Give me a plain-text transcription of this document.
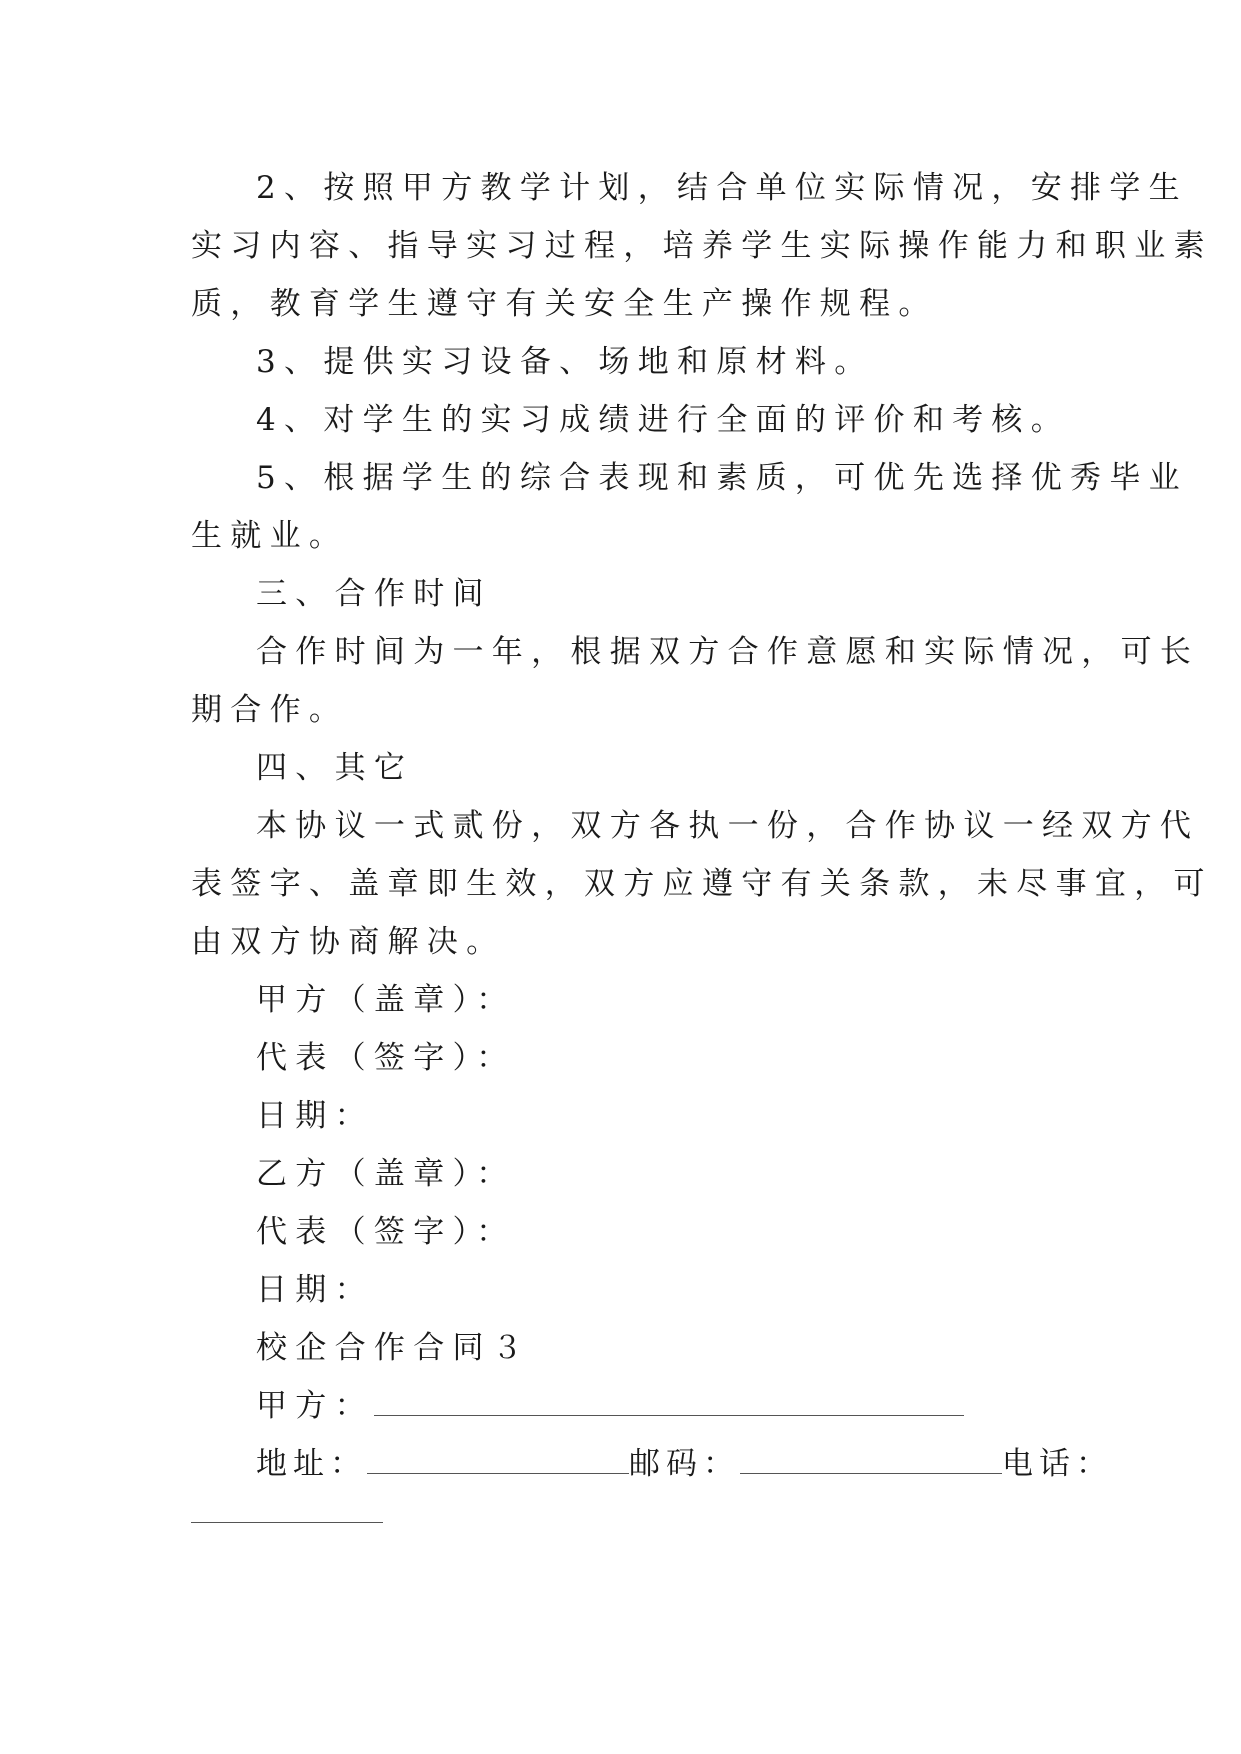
2、按照甲方教学计划，结合单位实际情况，安排学生
实习内容、指导实习过程，培养学生实际操作能力和职业素
质，教育学生遵守有关安全生产操作规程。
3、提供实习设备、场地和原材料。
4、对学生的实习成绩进行全面的评价和考核。
5、根据学生的综合表现和素质，可优先选择优秀毕业
生就业。
三、合作时间
合作时间为一年，根据双方合作意愿和实际情况，可长
期合作。
四、其它
本协议一式贰份，双方各执一份，合作协议一经双方代
表签字、盖章即生效，双方应遵守有关条款，未尽事宜，可
由双方协商解决。
甲方（盖章）：
代表（签字）：
日期：
乙方（盖章）：
代表（签字）：
日期：
校企合作合同３
甲方：
地址：	邮码：	电话：
